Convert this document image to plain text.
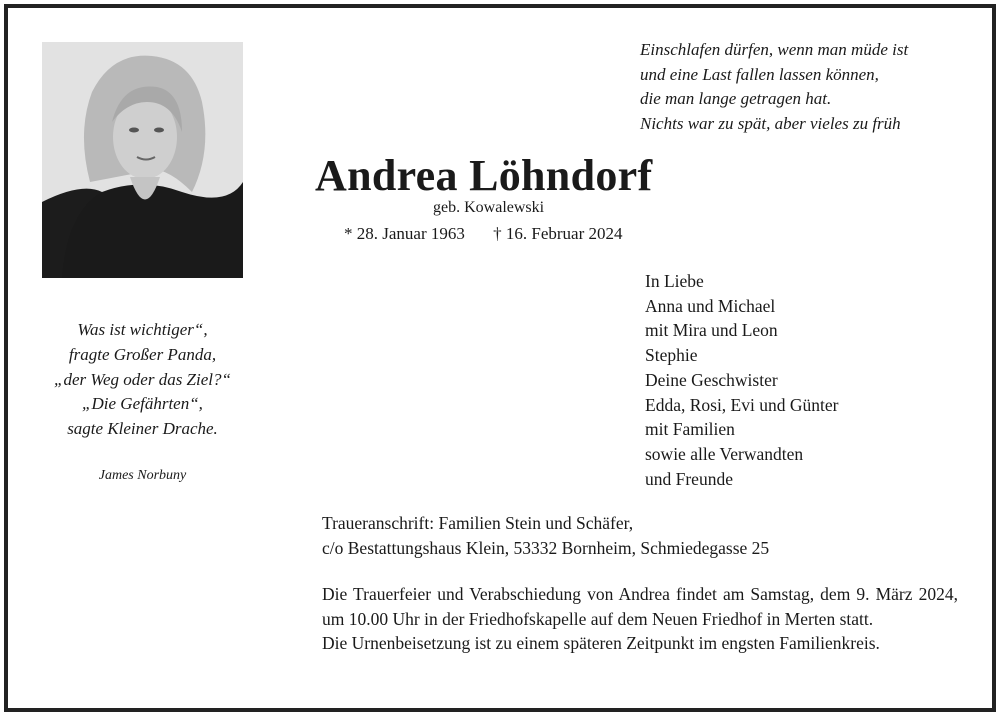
Einschlafen dürfen, wenn man müde ist
und eine Last fallen lassen können,
die man lange getragen hat.
Nichts war zu spät, aber vieles zu früh
Andrea Löhndorf
geb. Kowalewski
* 28. Januar 1963 † 16. Februar 2024
Was ist wichtiger“,
fragte Großer Panda,
„der Weg oder das Ziel?“
„Die Gefährten“,
sagte Kleiner Drache.
James Norbuny
In Liebe
Anna und Michael
mit Mira und Leon
Stephie
Deine Geschwister
Edda, Rosi, Evi und Günter
mit Familien
sowie alle Verwandten
und Freunde
Traueranschrift: Familien Stein und Schäfer,
c/o Bestattungshaus Klein, 53332 Bornheim, Schmiedegasse 25

Die Trauerfeier und Verabschiedung von Andrea findet am Samstag, dem 9. März 2024, um 10.00 Uhr in der Friedhofskapelle auf dem Neuen Friedhof in Merten statt.

Die Urnenbeisetzung ist zu einem späteren Zeitpunkt im engsten Familienkreis.
